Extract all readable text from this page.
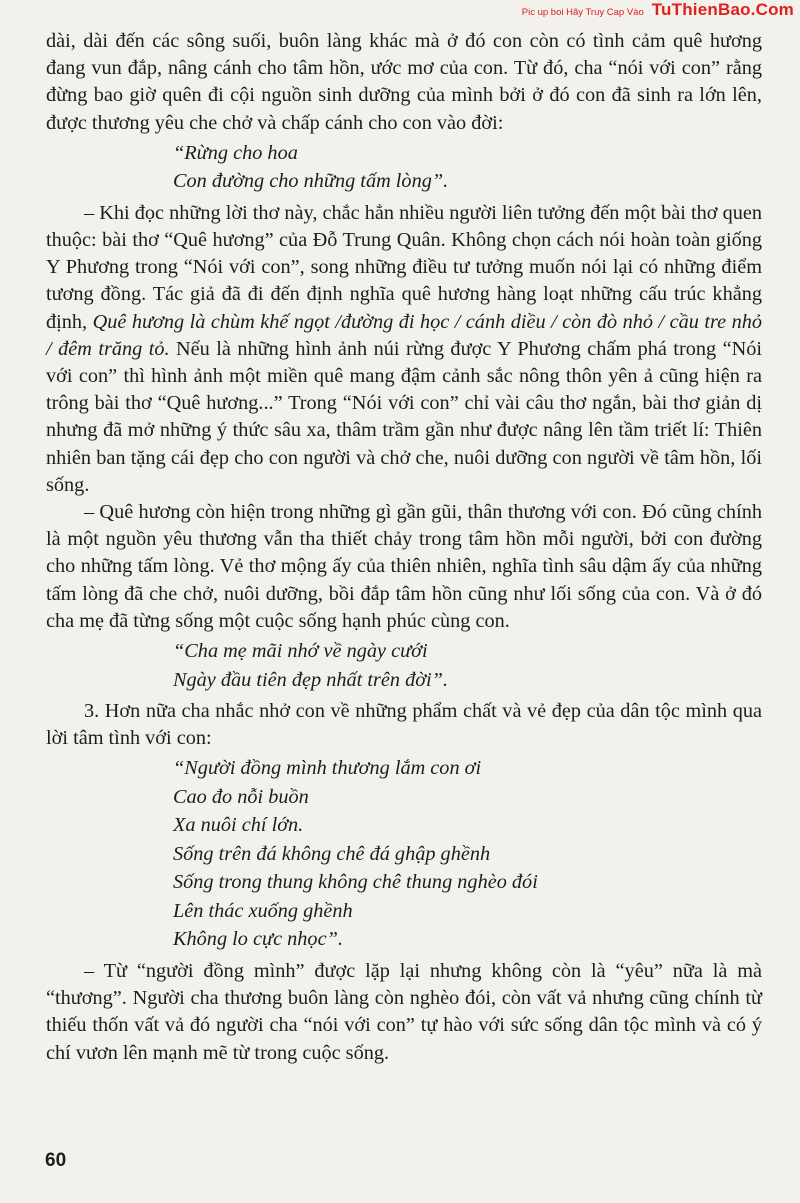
Pic up boi Hãy Truy Cap Vào TuThienBao.Com

dài, dài đến các sông suối, buôn làng khác mà ở đó con còn có tình cảm quê hương đang vun đắp, nâng cánh cho tâm hồn, ước mơ của con. Từ đó, cha “nói với con” rằng đừng bao giờ quên đi cội nguồn sinh dưỡng của mình bởi ở đó con đã sinh ra lớn lên, được thương yêu che chở và chấp cánh cho con vào đời:

“Rừng cho hoa
Con đường cho những tấm lòng”.

– Khi đọc những lời thơ này, chắc hẳn nhiều người liên tưởng đến một bài thơ quen thuộc: bài thơ “Quê hương” của Đỗ Trung Quân. Không chọn cách nói hoàn toàn giống Y Phương trong “Nói với con”, song những điều tư tưởng muốn nói lại có những điểm tương đồng. Tác giả đã đi đến định nghĩa quê hương hàng loạt những cấu trúc khẳng định, Quê hương là chùm khế ngọt /đường đi học / cánh diều / còn đò nhỏ / cầu tre nhỏ / đêm trăng tỏ. Nếu là những hình ảnh núi rừng được Y Phương chấm phá trong “Nói với con” thì hình ảnh một miền quê mang đậm cảnh sắc nông thôn yên ả cũng hiện ra trông bài thơ “Quê hương...” Trong “Nói với con” chỉ vài câu thơ ngắn, bài thơ giản dị nhưng đã mở những ý thức sâu xa, thâm trầm gần như được nâng lên tầm triết lí: Thiên nhiên ban tặng cái đẹp cho con người và chở che, nuôi dưỡng con người về tâm hồn, lối sống.

– Quê hương còn hiện trong những gì gần gũi, thân thương với con. Đó cũng chính là một nguồn yêu thương vẫn tha thiết chảy trong tâm hồn mỗi người, bởi con đường cho những tấm lòng. Vẻ thơ mộng ấy của thiên nhiên, nghĩa tình sâu dậm ấy của những tấm lòng đã che chở, nuôi dưỡng, bồi đắp tâm hồn cũng như lối sống của con. Và ở đó cha mẹ đã từng sống một cuộc sống hạnh phúc cùng con.

“Cha mẹ mãi nhớ về ngày cưới
Ngày đầu tiên đẹp nhất trên đời”.

3. Hơn nữa cha nhắc nhở con về những phẩm chất và vẻ đẹp của dân tộc mình qua lời tâm tình với con:

“Người đồng mình thương lắm con ơi
Cao đo nỗi buồn
Xa nuôi chí lớn.
Sống trên đá không chê đá ghập ghềnh
Sống trong thung không chê thung nghèo đói
Lên thác xuống ghềnh
Không lo cực nhọc”.

– Từ “người đồng mình” được lặp lại nhưng không còn là “yêu” nữa là mà “thương”. Người cha thương buôn làng còn nghèo đói, còn vất vả nhưng cũng chính từ thiếu thốn vất vả đó người cha “nói với con” tự hào với sức sống dân tộc mình và có ý chí vươn lên mạnh mẽ từ trong cuộc sống.

60
